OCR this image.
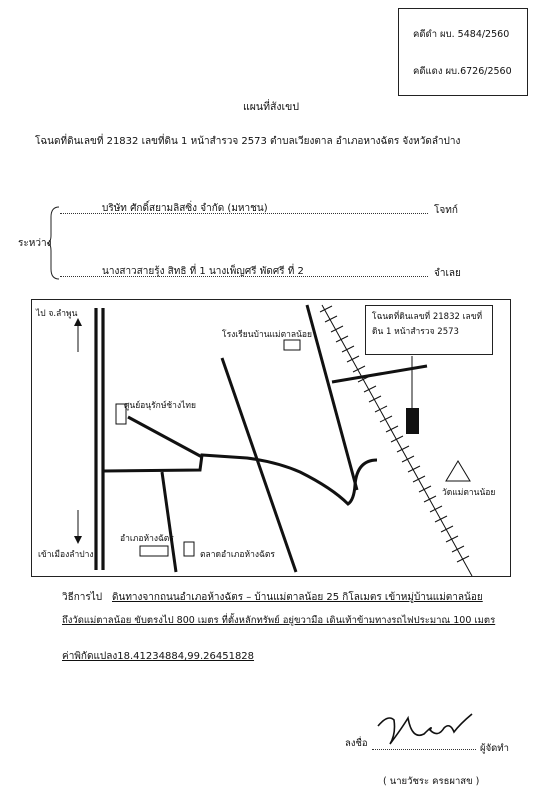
คดีดำ ผบ. 5484/2560
คดีแดง ผบ.6726/2560
แผนที่สังเขป
โฉนดที่ดินเลขที่ 21832 เลขที่ดิน 1 หน้าสำรวจ 2573 ตำบลเวียงตาล อำเภอหางฉัตร จังหวัดลำปาง
ระหว่าง
บริษัท ศักดิ์สยามลิสซิ่ง จำกัด (มหาชน)	โจทก์
นางสาวสายรุ้ง สิทธิ ที่ 1 นางเพ็ญศรี พัดศรี ที่ 2	จำเลย
ไป จ.ลำพูน
โรงเรียนบ้านแม่ตาลน้อย
ศูนย์อนุรักษ์ช้างไทย
อำเภอห้างฉัตร
ตลาดอำเภอห้างฉัตร
เข้าเมืองลำปาง
วัดแม่ตานน้อย
โฉนดที่ดินเลขที่ 21832 เลขที่ ดิน 1 หน้าสำรวจ 2573
วิธีการไป ดินทางจากถนนอำเภอห้างฉัตร – บ้านแม่ตาลน้อย 25 กิโลเมตร เข้าหมู่บ้านแม่ตาลน้อย
ถึงวัดแม่ตาลน้อย ขับตรงไป 800 เมตร ที่ตั้งหลักทรัพย์ อยู่ขวามือ เดินเท้าข้ามทางรถไฟประมาณ 100 เมตร
ค่าพิกัดแปลง18.41234884,99.26451828
ลงชื่อ	ผู้จัดทำ
( นายวัชระ ครธผาสข )
